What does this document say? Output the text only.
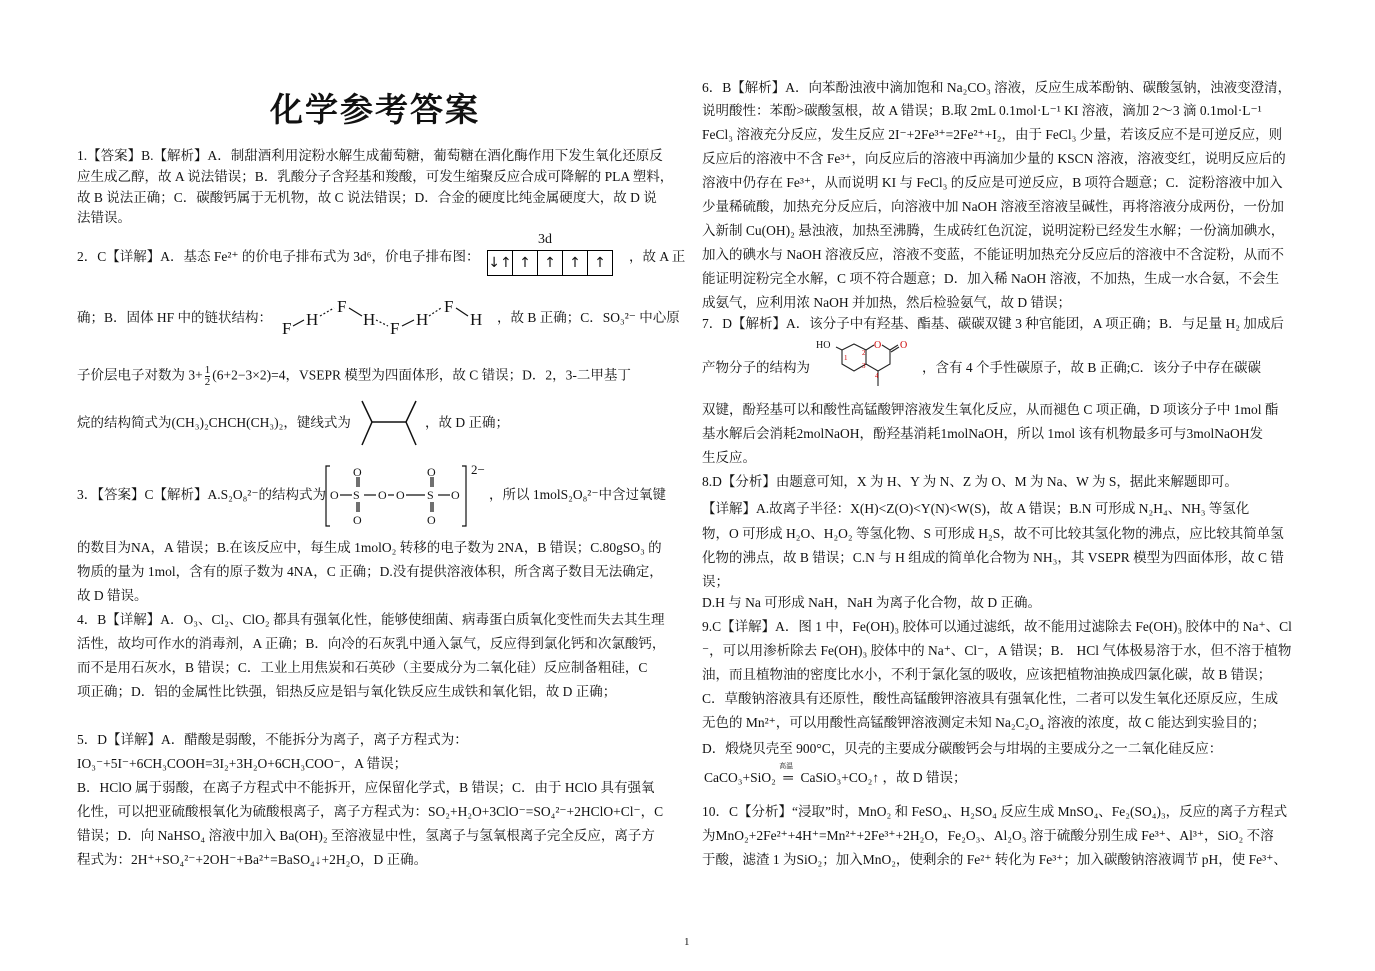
化学参考答案
1.【答案】B.【解析】A．制甜酒利用淀粉水解生成葡萄糖，葡萄糖在酒化酶作用下发生氧化还原反
应生成乙醇，故 A 说法错误；B．乳酸分子含羟基和羧酸，可发生缩聚反应合成可降解的 PLA 塑料，
故 B 说法正确；C．碳酸钙属于无机物，故 C 说法错误；D．合金的硬度比纯金属硬度大，故 D 说
法错误。
2．C【详解】A．基态 Fe²⁺ 的价电子排布式为 3d⁶，价电子排布图：	，故 A 正
3d
↓↑ ↑ ↑ ↑ ↑
确；B．固体 HF 中的链状结构：	，故 B 正确；C．SO₃²⁻ 中心原
F H
F
H F H
F
H
子价层电子对数为 $3+ \frac{1}{2} (6+2-3\times 2)=4$，VSEPR 模型为四面体形，故 C 错误；D．2，3-二甲基丁
烷的结构简式为(CH₃)₂CHCH(CH₃)₂，键线式为	，故 D 正确；
3．【答案】C【解析】A.S₂O₈²⁻的结构式为	，所以 1molS₂O₈²⁻中含过氧键
O
O
O
S O O S
O
O
O
2−
的数目为NA，A 错误；B.在该反应中，每生成 1molO₂ 转移的电子数为 2NA，B 错误；C.80gSO₃ 的
物质的量为 1mol，含有的原子数为 4NA，C 正确；D.没有提供溶液体积，所含离子数目无法确定，
故 D 错误。
4．B【详解】A．O₃、Cl₂、ClO₂ 都具有强氧化性，能够使细菌、病毒蛋白质氧化变性而失去其生理
活性，故均可作水的消毒剂，A 正确；B．向冷的石灰乳中通入氯气，反应得到氯化钙和次氯酸钙，
而不是用石灰水，B 错误；C．工业上用焦炭和石英砂（主要成分为二氧化硅）反应制备粗硅，C
项正确；D．铝的金属性比铁强，铝热反应是铝与氧化铁反应生成铁和氧化铝，故 D 正确；
5．D【详解】A．醋酸是弱酸，不能拆分为离子，离子方程式为：
IO₃⁻+5I⁻+6CH₃COOH=3I₂+3H₂O+6CH₃COO⁻，A 错误；
B．HClO 属于弱酸，在离子方程式中不能拆开，应保留化学式，B 错误；C．由于 HClO 具有强氧
化性，可以把亚硫酸根氧化为硫酸根离子，离子方程式为：SO₂+H₂O+3ClO⁻=SO₄²⁻+2HClO+Cl⁻，C
错误；D．向 NaHSO₄ 溶液中加入 Ba(OH)₂ 至溶液显中性，氢离子与氢氧根离子完全反应，离子方
程式为：2H⁺+SO₄²⁻+2OH⁻+Ba²⁺=BaSO₄↓+2H₂O，D 正确。
6．B【解析】A．向苯酚浊液中滴加饱和 Na₂CO₃ 溶液，反应生成苯酚钠、碳酸氢钠，浊液变澄清，
说明酸性：苯酚>碳酸氢根，故 A 错误；B.取 2mL 0.1mol·L⁻¹ KI 溶液，滴加 2～3 滴 0.1mol·L⁻¹
FeCl₃ 溶液充分反应，发生反应 2I⁻+2Fe³⁺=2Fe²⁺+I₂，由于 FeCl₃ 少量，若该反应不是可逆反应，则
反应后的溶液中不含 Fe³⁺，向反应后的溶液中再滴加少量的 KSCN 溶液，溶液变红，说明反应后的
溶液中仍存在 Fe³⁺，从而说明 KI 与 FeCl₃ 的反应是可逆反应，B 项符合题意；C．淀粉溶液中加入
少量稀硫酸，加热充分反应后，向溶液中加 NaOH 溶液至溶液呈碱性，再将溶液分成两份，一份加
入新制 Cu(OH)₂ 悬浊液，加热至沸腾，生成砖红色沉淀，说明淀粉已经发生水解；一份滴加碘水，
加入的碘水与 NaOH 溶液反应，溶液不变蓝，不能证明加热充分反应后的溶液中不含淀粉，从而不
能证明淀粉完全水解，C 项不符合题意；D．加入稀 NaOH 溶液，不加热，生成一水合氨，不会生
成氨气，应利用浓 NaOH 并加热，然后检验氨气，故 D 错误；
7．D【解析】A．该分子中有羟基、酯基、碳碳双键 3 种官能团，A 项正确；B．与足量 H₂ 加成后
产物分子的结构为	，含有 4 个手性碳原子，故 B 正确;C．该分子中存在碳碳
HO	O O
1
2
3
4
双键，酚羟基可以和酸性高锰酸钾溶液发生氧化反应，从而褪色 C 项正确，D 项该分子中 1mol 酯
基水解后会消耗2molNaOH，酚羟基消耗1molNaOH，所以 1mol 该有机物最多可与3molNaOH发
生反应。
8.D【分析】由题意可知，X 为 H、Y 为 N、Z 为 O、M 为 Na、W 为 S，据此来解题即可。
【详解】A.故离子半径：X(H)<Z(O)<Y(N)<W(S)，故 A 错误；B.N 可形成 N₂H₄、NH₃ 等氢化
物，O 可形成 H₂O、H₂O₂ 等氢化物、S 可形成 H₂S，故不可比较其氢化物的沸点，应比较其简单氢
化物的沸点，故 B 错误；C.N 与 H 组成的简单化合物为 NH₃，其 VSEPR 模型为四面体形，故 C 错
误；
D.H 与 Na 可形成 NaH，NaH 为离子化合物，故 D 正确。
9.C【详解】A．图 1 中，Fe(OH)₃ 胶体可以通过滤纸，故不能用过滤除去 Fe(OH)₃ 胶体中的 Na⁺、Cl
⁻，可以用渗析除去 Fe(OH)₃ 胶体中的 Na⁺、Cl⁻，A 错误；B． HCl 气体极易溶于水，但不溶于植物
油，而且植物油的密度比水小，不利于氯化氢的吸收，应该把植物油换成四氯化碳，故 B 错误；
C．草酸钠溶液具有还原性，酸性高锰酸钾溶液具有强氧化性，二者可以发生氧化还原反应，生成
无色的 Mn²⁺，可以用酸性高锰酸钾溶液测定未知 Na₂C₂O₄ 溶液的浓度，故 C 能达到实验目的；
D．煅烧贝壳至 900°C，贝壳的主要成分碳酸钙会与坩埚的主要成分之一二氧化硅反应：
CaCO₃+SiO₂
高温
═ CaSiO₃+CO₂↑ ，故 D 错误；
10．C【分析】“浸取”时，MnO₂ 和 FeSO₄、H₂SO₄ 反应生成 MnSO₄、Fe₂(SO₄)₃，反应的离子方程式
为MnO₂+2Fe²⁺+4H⁺=Mn²⁺+2Fe³⁺+2H₂O，Fe₂O₃、Al₂O₃ 溶于硫酸分别生成 Fe³⁺、Al³⁺，SiO₂ 不溶
于酸，滤渣 1 为SiO₂；加入MnO₂，使剩余的 Fe²⁺ 转化为 Fe³⁺；加入碳酸钠溶液调节 pH，使 Fe³⁺、
1
